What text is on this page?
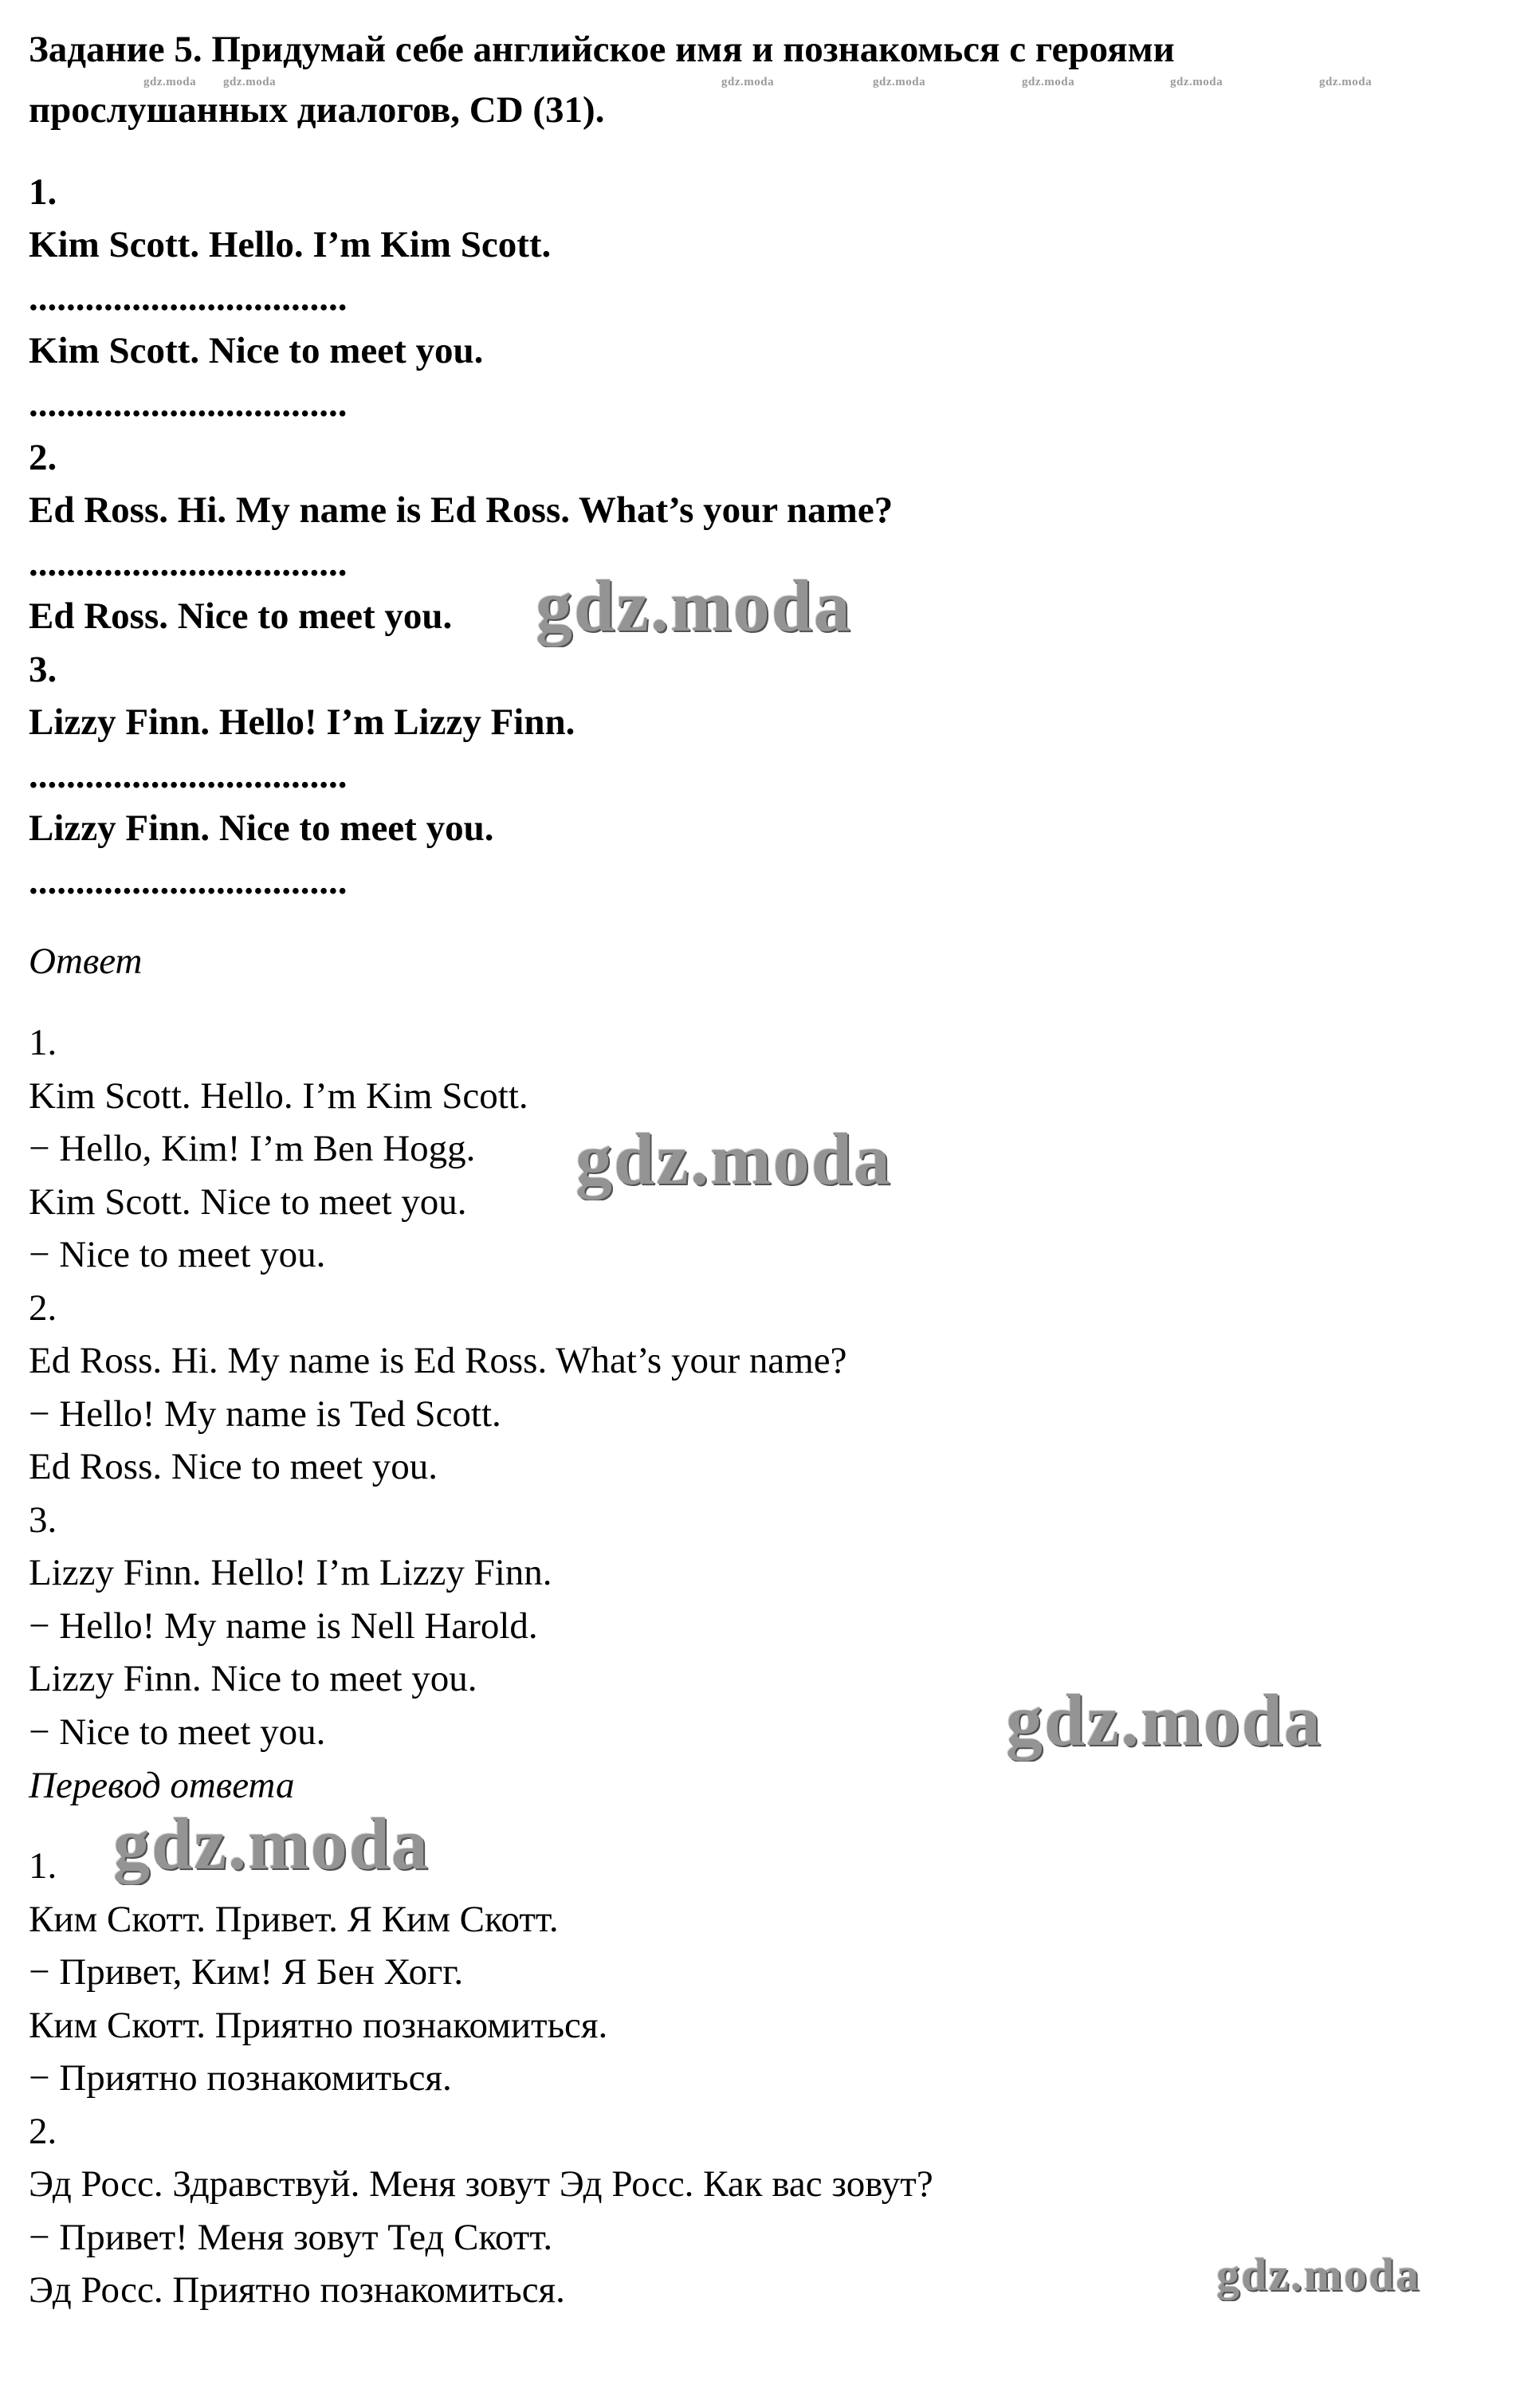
Задание 5. Придумай себе английское имя и познакомься с героями
прослушанных диалогов, CD (31).
gdz.moda gdz.moda	gdz.moda	gdz.moda	gdz.moda	gdz.moda	gdz.moda
1.
Kim Scott. Hello. I’m Kim Scott.
..................................
Kim Scott. Nice to meet you.
..................................
2.
Ed Ross. Hi. My name is Ed Ross. What’s your name?
..................................
Ed Ross. Nice to meet you.
3.
Lizzy Finn. Hello! I’m Lizzy Finn.
..................................
Lizzy Finn. Nice to meet you.
..................................
Ответ
1.
Kim Scott. Hello. I’m Kim Scott.
− Hello, Kim! I’m Ben Hogg.
Kim Scott. Nice to meet you.
− Nice to meet you.
2.
Ed Ross. Hi. My name is Ed Ross. What’s your name?
− Hello! My name is Ted Scott.
Ed Ross. Nice to meet you.
3.
Lizzy Finn. Hello! I’m Lizzy Finn.
− Hello! My name is Nell Harold.
Lizzy Finn. Nice to meet you.
− Nice to meet you.
Перевод ответа
1.
Ким Скотт. Привет. Я Ким Скотт.
− Привет, Ким! Я Бен Хогг.
Ким Скотт. Приятно познакомиться.
− Приятно познакомиться.
2.
Эд Росс. Здравствуй. Меня зовут Эд Росс. Как вас зовут?
− Привет! Меня зовут Тед Скотт.
Эд Росс. Приятно познакомиться.
gdz.moda
gdz.moda
gdz.moda
gdz.moda
gdz.moda
